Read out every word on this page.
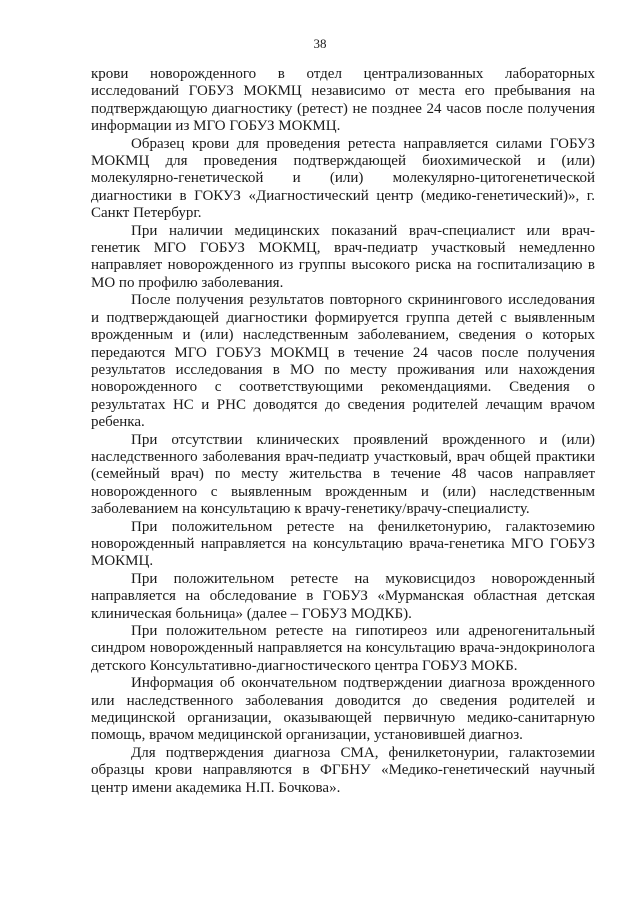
38

крови новорожденного в отдел централизованных лабораторных исследований ГОБУЗ МОКМЦ независимо от места его пребывания на подтверждающую диагностику (ретест) не позднее 24 часов после получения информации из МГО ГОБУЗ МОКМЦ.

Образец крови для проведения ретеста направляется силами ГОБУЗ МОКМЦ для проведения подтверждающей биохимической и (или) молекулярно-генетической и (или) молекулярно-цитогенетической диагностики в ГОКУЗ «Диагностический центр (медико-генетический)», г. Санкт Петербург.

При наличии медицинских показаний врач-специалист или врач-генетик МГО ГОБУЗ МОКМЦ, врач-педиатр участковый немедленно направляет новорожденного из группы высокого риска на госпитализацию в МО по профилю заболевания.

После получения результатов повторного скринингового исследования и подтверждающей диагностики формируется группа детей с выявленным врожденным и (или) наследственным заболеванием, сведения о которых передаются МГО ГОБУЗ МОКМЦ в течение 24 часов после получения результатов исследования в МО по месту проживания или нахождения новорожденного с соответствующими рекомендациями. Сведения о результатах НС и РНС доводятся до сведения родителей лечащим врачом ребенка.

При отсутствии клинических проявлений врожденного и (или) наследственного заболевания врач-педиатр участковый, врач общей практики (семейный врач) по месту жительства в течение 48 часов направляет новорожденного с выявленным врожденным и (или) наследственным заболеванием на консультацию к врачу-генетику/врачу-специалисту.

При положительном ретесте на фенилкетонурию, галактоземию новорожденный направляется на консультацию врача-генетика МГО ГОБУЗ МОКМЦ.

При положительном ретесте на муковисцидоз новорожденный направляется на обследование в ГОБУЗ «Мурманская областная детская клиническая больница» (далее – ГОБУЗ МОДКБ).

При положительном ретесте на гипотиреоз или адреногенитальный синдром новорожденный направляется на консультацию врача-эндокринолога детского Консультативно-диагностического центра ГОБУЗ МОКБ.

Информация об окончательном подтверждении диагноза врожденного или наследственного заболевания доводится до сведения родителей и медицинской организации, оказывающей первичную медико-санитарную помощь, врачом медицинской организации, установившей диагноз.

Для подтверждения диагноза СМА, фенилкетонурии, галактоземии образцы крови направляются в ФГБНУ «Медико-генетический научный центр имени академика Н.П. Бочкова».
